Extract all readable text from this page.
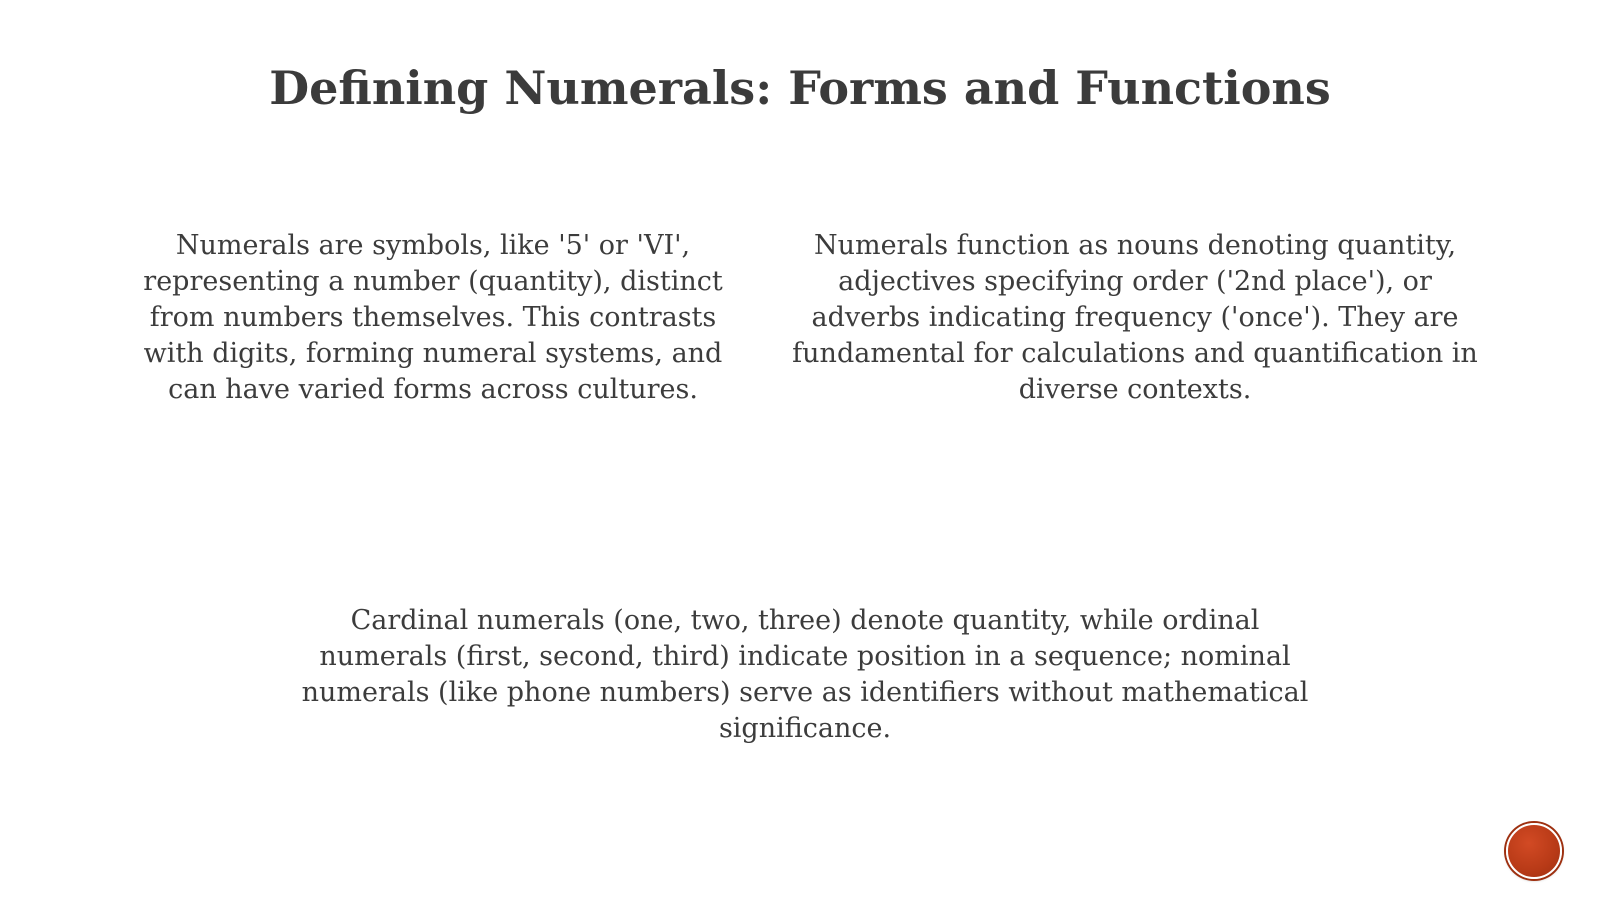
Defining Numerals: Forms and Functions

Numerals are symbols, like '5' or 'VI', representing a number (quantity), distinct from numbers themselves. This contrasts with digits, forming numeral systems, and can have varied forms across cultures.

Numerals function as nouns denoting quantity, adjectives specifying order ('2nd place'), or adverbs indicating frequency ('once'). They are fundamental for calculations and quantification in diverse contexts.

Cardinal numerals (one, two, three) denote quantity, while ordinal numerals (first, second, third) indicate position in a sequence; nominal numerals (like phone numbers) serve as identifiers without mathematical significance.
